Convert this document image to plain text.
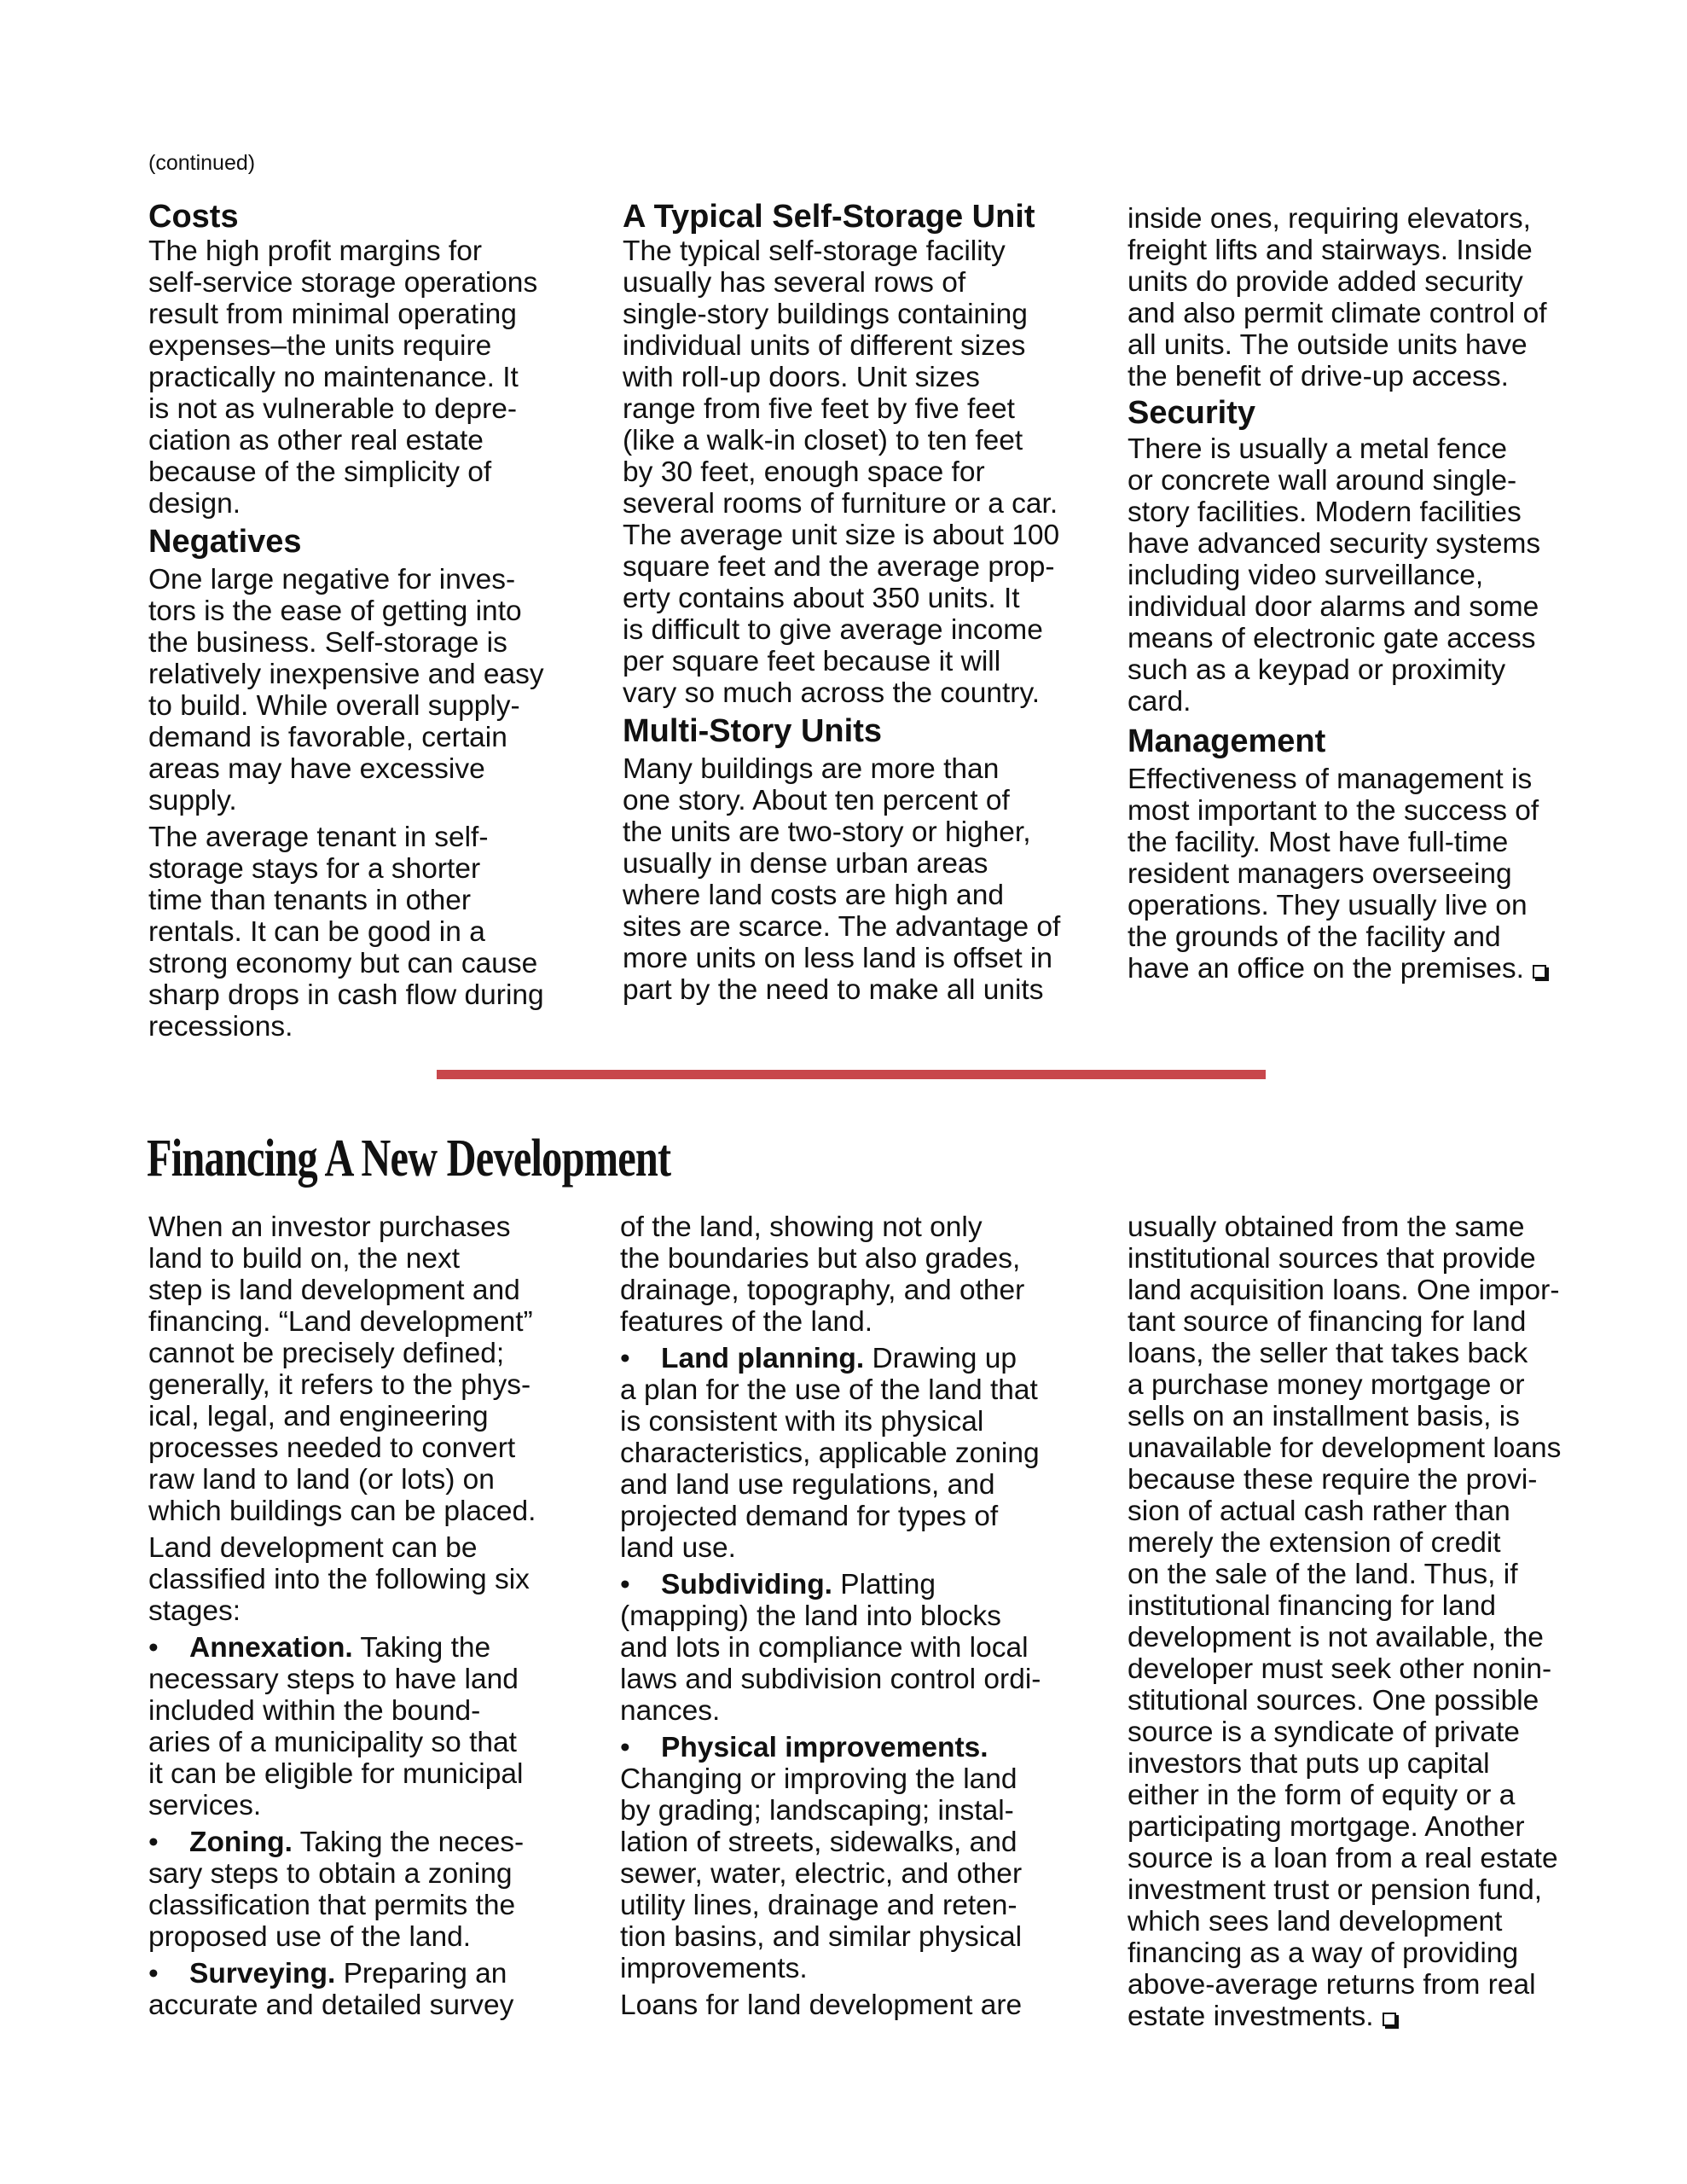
(continued)
Costs

The high profit margins for
self-service storage operations
result from minimal operating
expenses–the units require
practically no maintenance. It
is not as vulnerable to depre-
ciation as other real estate
because of the simplicity of
design.

Negatives

One large negative for inves-
tors is the ease of getting into
the business. Self-storage is
relatively inexpensive and easy
to build. While overall supply-
demand is favorable, certain
areas may have excessive
supply.

The average tenant in self-
storage stays for a shorter
time than tenants in other
rentals. It can be good in a
strong economy but can cause
sharp drops in cash flow during
recessions.

A Typical Self-Storage Unit

The typical self-storage facility
usually has several rows of
single-story buildings containing
individual units of different sizes
with roll-up doors. Unit sizes
range from five feet by five feet
(like a walk-in closet) to ten feet
by 30 feet, enough space for
several rooms of furniture or a car.
The average unit size is about 100
square feet and the average prop-
erty contains about 350 units. It
is difficult to give average income
per square feet because it will
vary so much across the country.

Multi-Story Units

Many buildings are more than
one story. About ten percent of
the units are two-story or higher,
usually in dense urban areas
where land costs are high and
sites are scarce. The advantage of
more units on less land is offset in
part by the need to make all units

inside ones, requiring elevators,
freight lifts and stairways. Inside
units do provide added security
and also permit climate control of
all units. The outside units have
the benefit of drive-up access.

Security

There is usually a metal fence
or concrete wall around single-
story facilities. Modern facilities
have advanced security systems
including video surveillance,
individual door alarms and some
means of electronic gate access
such as a keypad or proximity
card.

Management

Effectiveness of management is
most important to the success of
the facility. Most have full-time
resident managers overseeing
operations. They usually live on
the grounds of the facility and
have an office on the premises.

Financing A New Development

When an investor purchases
land to build on, the next
step is land development and
financing. “Land development”
cannot be precisely defined;
generally, it refers to the phys-
ical, legal, and engineering
processes needed to convert
raw land to land (or lots) on
which buildings can be placed.

Land development can be
classified into the following six
stages:

• Annexation. Taking the
necessary steps to have land
included within the bound-
aries of a municipality so that
it can be eligible for municipal
services.

• Zoning. Taking the neces-
sary steps to obtain a zoning
classification that permits the
proposed use of the land.

• Surveying. Preparing an
accurate and detailed survey

of the land, showing not only
the boundaries but also grades,
drainage, topography, and other
features of the land.

• Land planning. Drawing up
a plan for the use of the land that
is consistent with its physical
characteristics, applicable zoning
and land use regulations, and
projected demand for types of
land use.

• Subdividing. Platting
(mapping) the land into blocks
and lots in compliance with local
laws and subdivision control ordi-
nances.

• Physical improvements.
Changing or improving the land
by grading; landscaping; instal-
lation of streets, sidewalks, and
sewer, water, electric, and other
utility lines, drainage and reten-
tion basins, and similar physical
improvements.

Loans for land development are

usually obtained from the same
institutional sources that provide
land acquisition loans. One impor-
tant source of financing for land
loans, the seller that takes back
a purchase money mortgage or
sells on an installment basis, is
unavailable for development loans
because these require the provi-
sion of actual cash rather than
merely the extension of credit
on the sale of the land. Thus, if
institutional financing for land
development is not available, the
developer must seek other nonin-
stitutional sources. One possible
source is a syndicate of private
investors that puts up capital
either in the form of equity or a
participating mortgage. Another
source is a loan from a real estate
investment trust or pension fund,
which sees land development
financing as a way of providing
above-average returns from real
estate investments.
